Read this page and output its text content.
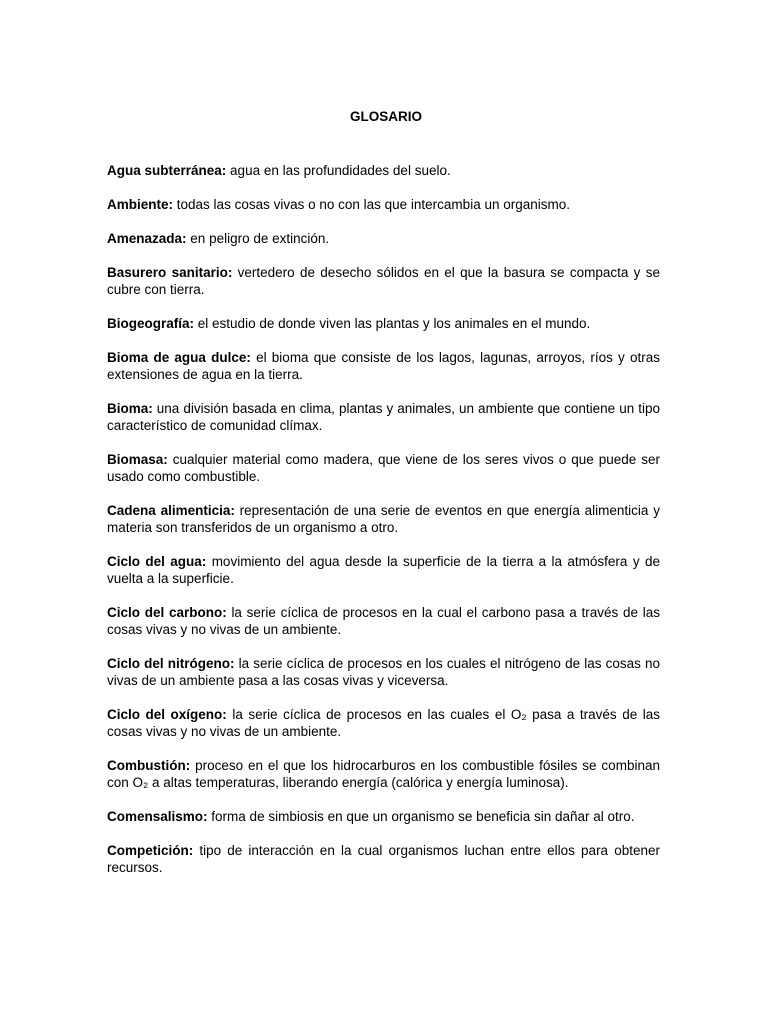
GLOSARIO

Agua subterránea: agua en las profundidades del suelo.

Ambiente: todas las cosas vivas o no con las que intercambia un organismo.

Amenazada: en peligro de extinción.

Basurero sanitario: vertedero de desecho sólidos en el que la basura se compacta y se cubre con tierra.

Biogeografía: el estudio de donde viven las plantas y los animales en el mundo.

Bioma de agua dulce: el bioma que consiste de los lagos, lagunas, arroyos, ríos y otras extensiones de agua en la tierra.

Bioma: una división basada en clima, plantas y animales, un ambiente que contiene un tipo característico de comunidad clímax.

Biomasa: cualquier material como madera, que viene de los seres vivos o que puede ser usado como combustible.

Cadena alimenticia: representación de una serie de eventos en que energía alimenticia y materia son transferidos de un organismo a otro.

Ciclo del agua: movimiento del agua desde la superficie de la tierra a la atmósfera y de vuelta a la superficie.

Ciclo del carbono: la serie cíclica de procesos en la cual el carbono pasa a través de las cosas vivas y no vivas de un ambiente.

Ciclo del nitrógeno: la serie cíclica de procesos en los cuales el nitrógeno de las cosas no vivas de un ambiente pasa a las cosas vivas y viceversa.

Ciclo del oxígeno: la serie cíclica de procesos en las cuales el O₂ pasa a través de las cosas vivas y no vivas de un ambiente.

Combustión: proceso en el que los hidrocarburos en los combustible fósiles se combinan con O₂ a altas temperaturas, liberando energía (calórica y energía luminosa).

Comensalismo: forma de simbiosis en que un organismo se beneficia sin dañar al otro.

Competición: tipo de interacción en la cual organismos luchan entre ellos para obtener recursos.
